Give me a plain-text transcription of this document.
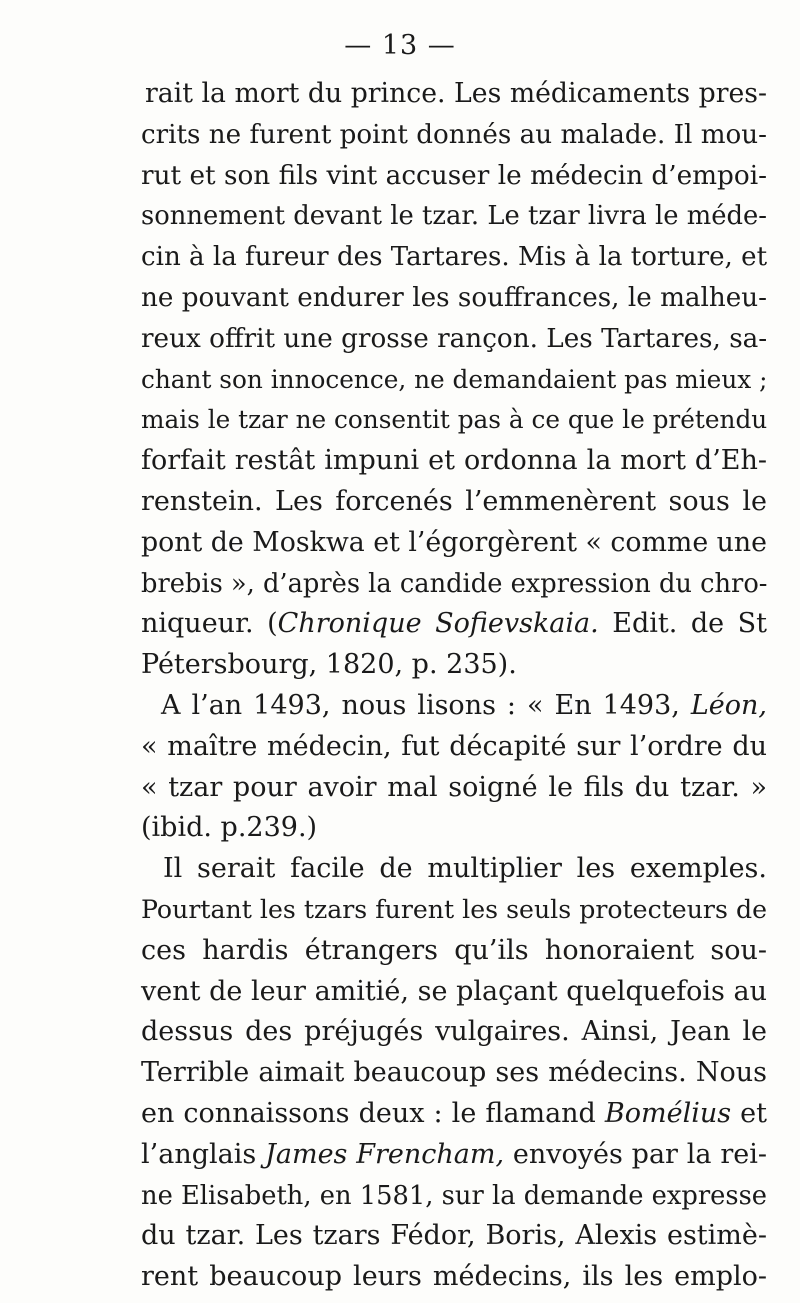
— 13 —
rait la mort du prince. Les médicaments pres-
crits ne furent point donnés au malade. Il mou-
rut et son fils vint accuser le médecin d’empoi-
sonnement devant le tzar. Le tzar livra le méde-
cin à la fureur des Tartares. Mis à la torture, et
ne pouvant endurer les souffrances, le malheu-
reux offrit une grosse rançon. Les Tartares, sa-
chant son innocence, ne demandaient pas mieux ;
mais le tzar ne consentit pas à ce que le prétendu
forfait restât impuni et ordonna la mort d’Eh-
renstein. Les forcenés l’emmenèrent sous le
pont de Moskwa et l’égorgèrent « comme une
brebis », d’après la candide expression du chro-
niqueur. (Chronique Sofievskaia. Edit. de St
Pétersbourg, 1820, p. 235).
A l’an 1493, nous lisons : « En 1493, Léon,
« maître médecin, fut décapité sur l’ordre du
« tzar pour avoir mal soigné le fils du tzar. »
(ibid. p.239.)
Il serait facile de multiplier les exemples.
Pourtant les tzars furent les seuls protecteurs de
ces hardis étrangers qu’ils honoraient sou-
vent de leur amitié, se plaçant quelquefois au
dessus des préjugés vulgaires. Ainsi, Jean le
Terrible aimait beaucoup ses médecins. Nous
en connaissons deux : le flamand Bomélius et
l’anglais James Frencham, envoyés par la rei-
ne Elisabeth, en 1581, sur la demande expresse
du tzar. Les tzars Fédor, Boris, Alexis estimè-
rent beaucoup leurs médecins, ils les emplo-
